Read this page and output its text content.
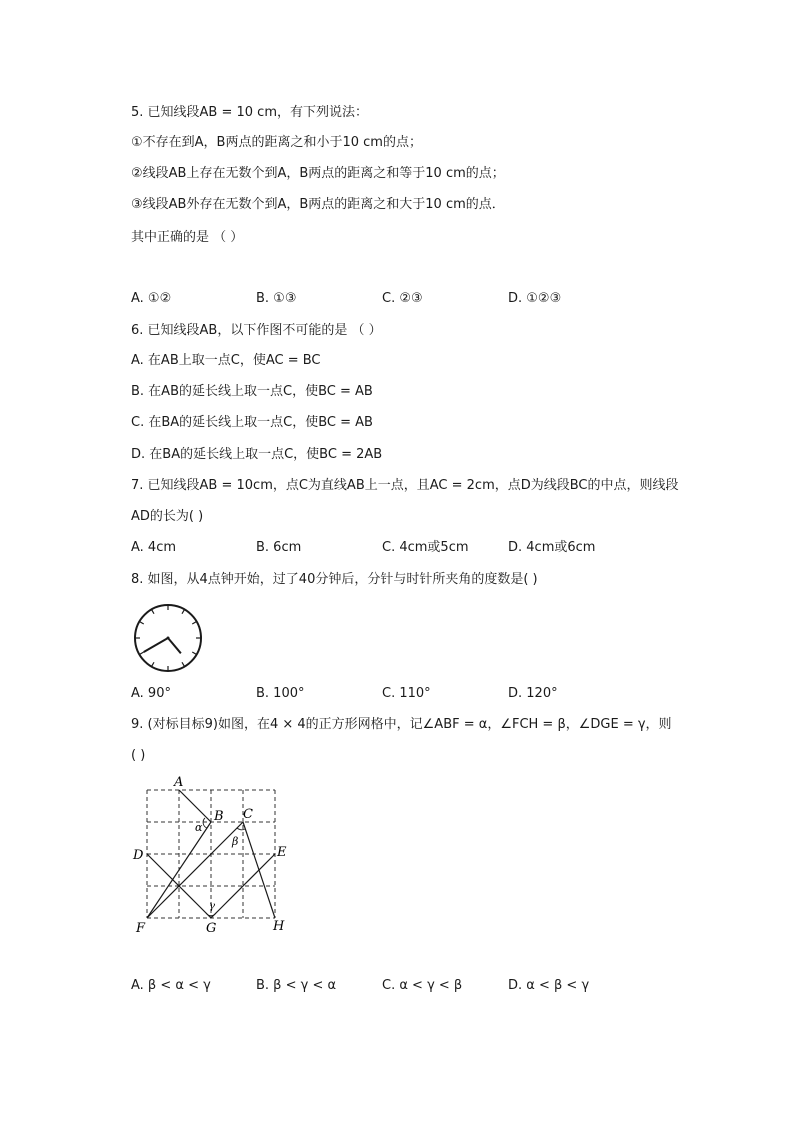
5. 已知线段AB = 10 cm，有下列说法：
①不存在到A，B两点的距离之和小于10 cm的点；
②线段AB上存在无数个到A，B两点的距离之和等于10 cm的点；
③线段AB外存在无数个到A，B两点的距离之和大于10 cm的点．
其中正确的是 （ ）
A. ①②	B. ①③	C. ②③	D. ①②③
6. 已知线段AB，以下作图不可能的是 （ ）
A. 在AB上取一点C，使AC = BC
B. 在AB的延长线上取一点C，使BC = AB
C. 在BA的延长线上取一点C，使BC = AB
D. 在BA的延长线上取一点C，使BC = 2AB
7. 已知线段AB = 10cm，点C为直线AB上一点，且AC = 2cm，点D为线段BC的中点，则线段
AD的长为( )
A. 4cm	B. 6cm	C. 4cm或5cm	D. 4cm或6cm
8. 如图，从4点钟开始，过了40分钟后，分针与时针所夹角的度数是( )
A. 90°	B. 100°	C. 110°	D. 120°
9. (对标目标9)如图，在4 × 4的正方形网格中，记∠ABF = α，∠FCH = β，∠DGE = γ，则
( )
A
B C
D	E
F	G	H
α
β
γ
A. β < α < γ	B. β < γ < α	C. α < γ < β	D. α < β < γ
